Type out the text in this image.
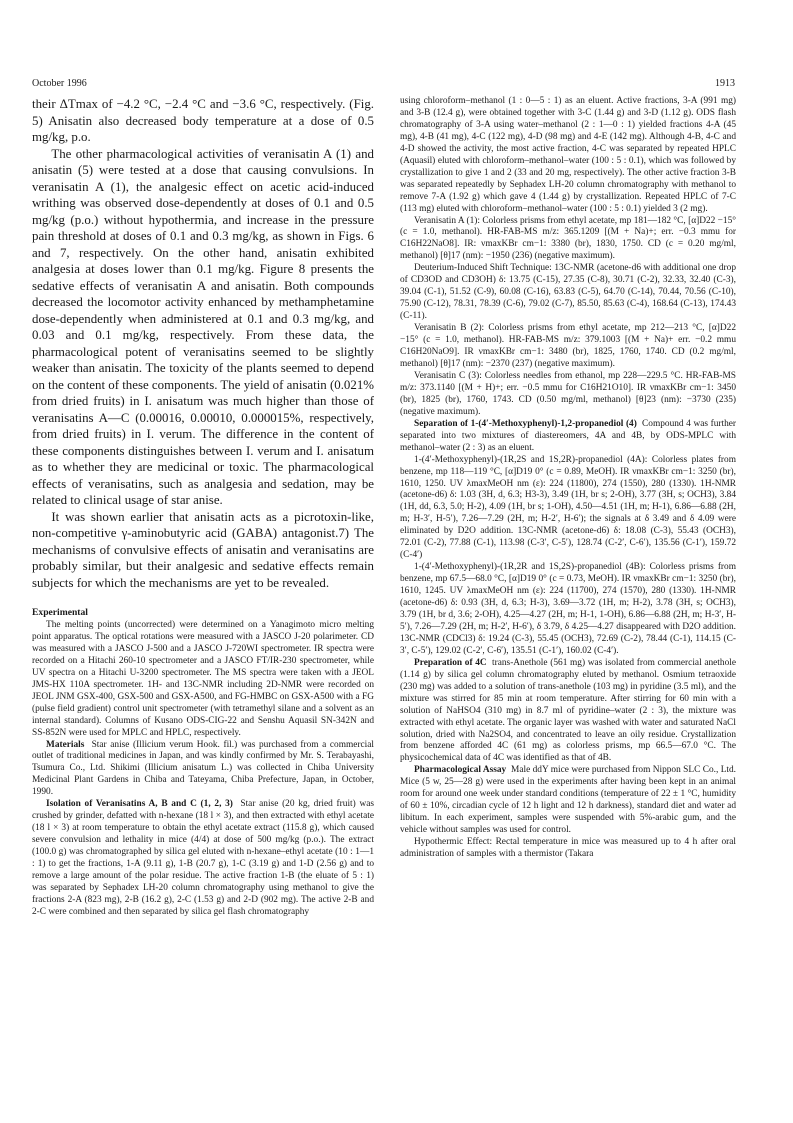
October 1996	1913

their ΔTmax of −4.2 °C, −2.4 °C and −3.6 °C, respectively. (Fig. 5) Anisatin also decreased body temperature at a dose of 0.5 mg/kg, p.o.

The other pharmacological activities of veranisatin A (1) and anisatin (5) were tested at a dose that causing convulsions. In veranisatin A (1), the analgesic effect on acetic acid-induced writhing was observed dose-dependently at doses of 0.1 and 0.5 mg/kg (p.o.) without hypothermia, and increase in the pressure pain threshold at doses of 0.1 and 0.3 mg/kg, as shown in Figs. 6 and 7, respectively. On the other hand, anisatin exhibited analgesia at doses lower than 0.1 mg/kg. Figure 8 presents the sedative effects of veranisatin A and anisatin. Both compounds decreased the locomotor activity enhanced by methamphetamine dose-dependently when administered at 0.1 and 0.3 mg/kg, and 0.03 and 0.1 mg/kg, respectively. From these data, the pharmacological potent of veranisatins seemed to be slightly weaker than anisatin. The toxicity of the plants seemed to depend on the content of these components. The yield of anisatin (0.021% from dried fruits) in I. anisatum was much higher than those of veranisatins A—C (0.00016, 0.00010, 0.000015%, respectively, from dried fruits) in I. verum. The difference in the content of these components distinguishes between I. verum and I. anisatum as to whether they are medicinal or toxic. The pharmacological effects of veranisatins, such as analgesia and sedation, may be related to clinical usage of star anise.

It was shown earlier that anisatin acts as a picrotoxin-like, non-competitive γ-aminobutyric acid (GABA) antagonist.7) The mechanisms of convulsive effects of anisatin and veranisatins are probably similar, but their analgesic and sedative effects remain subjects for which the mechanisms are yet to be revealed.

Experimental

The melting points (uncorrected) were determined on a Yanagimoto micro melting point apparatus. The optical rotations were measured with a JASCO J-20 polarimeter. CD was measured with a JASCO J-500 and a JASCO J-720WI spectrometer. IR spectra were recorded on a Hitachi 260-10 spectrometer and a JASCO FT/IR-230 spectrometer, while UV spectra on a Hitachi U-3200 spectrometer. The MS spectra were taken with a JEOL JMS-HX 110A spectrometer. 1H- and 13C-NMR including 2D-NMR were recorded on JEOL JNM GSX-400, GSX-500 and GSX-A500, and FG-HMBC on GSX-A500 with a FG (pulse field gradient) control unit spectrometer (with tetramethyl silane and a solvent as an internal standard). Columns of Kusano ODS-CIG-22 and Senshu Aquasil SN-342N and SS-852N were used for MPLC and HPLC, respectively.

Materials Star anise (Illicium verum Hook. fil.) was purchased from a commercial outlet of traditional medicines in Japan, and was kindly confirmed by Mr. S. Terabayashi, Tsumura Co., Ltd. Shikimi (Illicium anisatum L.) was collected in Chiba University Medicinal Plant Gardens in Chiba and Tateyama, Chiba Prefecture, Japan, in October, 1990.

Isolation of Veranisatins A, B and C (1, 2, 3) Star anise (20 kg, dried fruit) was crushed by grinder, defatted with n-hexane (18 l × 3), and then extracted with ethyl acetate (18 l × 3) at room temperature to obtain the ethyl acetate extract (115.8 g), which caused severe convulsion and lethality in mice (4/4) at dose of 500 mg/kg (p.o.). The extract (100.0 g) was chromatographed by silica gel eluted with n-hexane–ethyl acetate (10 : 1—1 : 1) to get the fractions, 1-A (9.11 g), 1-B (20.7 g), 1-C (3.19 g) and 1-D (2.56 g) and to remove a large amount of the polar residue. The active fraction 1-B (the eluate of 5 : 1) was separated by Sephadex LH-20 column chromatography using methanol to give the fractions 2-A (823 mg), 2-B (16.2 g), 2-C (1.53 g) and 2-D (902 mg). The active 2-B and 2-C were combined and then separated by silica gel flash chromatography

using chloroform–methanol (1 : 0—5 : 1) as an eluent. Active fractions, 3-A (991 mg) and 3-B (12.4 g), were obtained together with 3-C (1.44 g) and 3-D (1.12 g). ODS flash chromatography of 3-A using water–methanol (2 : 1—0 : 1) yielded fractions 4-A (45 mg), 4-B (41 mg), 4-C (122 mg), 4-D (98 mg) and 4-E (142 mg). Although 4-B, 4-C and 4-D showed the activity, the most active fraction, 4-C was separated by repeated HPLC (Aquasil) eluted with chloroform–methanol–water (100 : 5 : 0.1), which was followed by crystallization to give 1 and 2 (33 and 20 mg, respectively). The other active fraction 3-B was separated repeatedly by Sephadex LH-20 column chromatography with methanol to remove 7-A (1.92 g) which gave 4 (1.44 g) by crystallization. Repeated HPLC of 7-C (113 mg) eluted with chloroform–methanol–water (100 : 5 : 0.1) yielded 3 (2 mg).

Veranisatin A (1): Colorless prisms from ethyl acetate, mp 181—182 °C, [α]D22 −15° (c = 1.0, methanol). HR-FAB-MS m/z: 365.1209 [(M + Na)+; err. −0.3 mmu for C16H22NaO8]. IR: νmaxKBr cm−1: 3380 (br), 1830, 1750. CD (c = 0.20 mg/ml, methanol) [θ]17 (nm): −1950 (236) (negative maximum).

Deuterium-Induced Shift Technique: 13C-NMR (acetone-d6 with additional one drop of CD3OD and CD3OH) δ: 13.75 (C-15), 27.35 (C-8), 30.71 (C-2), 32.33, 32.40 (C-3), 39.04 (C-1), 51.52 (C-9), 60.08 (C-16), 63.83 (C-5), 64.70 (C-14), 70.44, 70.56 (C-10), 75.90 (C-12), 78.31, 78.39 (C-6), 79.02 (C-7), 85.50, 85.63 (C-4), 168.64 (C-13), 174.43 (C-11).

Veranisatin B (2): Colorless prisms from ethyl acetate, mp 212—213 °C, [α]D22 −15° (c = 1.0, methanol). HR-FAB-MS m/z: 379.1003 [(M + Na)+ err. −0.2 mmu C16H20NaO9]. IR νmaxKBr cm−1: 3480 (br), 1825, 1760, 1740. CD (0.2 mg/ml, methanol) [θ]17 (nm): −2370 (237) (negative maximum).

Veranisatin C (3): Colorless needles from ethanol, mp 228—229.5 °C. HR-FAB-MS m/z: 373.1140 [(M + H)+; err. −0.5 mmu for C16H21O10]. IR νmaxKBr cm−1: 3450 (br), 1825 (br), 1760, 1743. CD (0.50 mg/ml, methanol) [θ]23 (nm): −3730 (235) (negative maximum).

Separation of 1-(4′-Methoxyphenyl)-1,2-propanediol (4) Compound 4 was further separated into two mixtures of diastereomers, 4A and 4B, by ODS-MPLC with methanol–water (2 : 3) as an eluent.

1-(4′-Methoxyphenyl)-(1R,2S and 1S,2R)-propanediol (4A): Colorless plates from benzene, mp 118—119 °C, [α]D19 0° (c = 0.89, MeOH). IR νmaxKBr cm−1: 3250 (br), 1610, 1250. UV λmaxMeOH nm (ε): 224 (11800), 274 (1550), 280 (1330). 1H-NMR (acetone-d6) δ: 1.03 (3H, d, 6.3; H3-3), 3.49 (1H, br s; 2-OH), 3.77 (3H, s; OCH3), 3.84 (1H, dd, 6.3, 5.0; H-2), 4.09 (1H, br s; 1-OH), 4.50—4.51 (1H, m; H-1), 6.86—6.88 (2H, m; H-3′, H-5′), 7.26—7.29 (2H, m; H-2′, H-6′); the signals at δ 3.49 and δ 4.09 were eliminated by D2O addition. 13C-NMR (acetone-d6) δ: 18.08 (C-3), 55.43 (OCH3), 72.01 (C-2), 77.88 (C-1), 113.98 (C-3′, C-5′), 128.74 (C-2′, C-6′), 135.56 (C-1′), 159.72 (C-4′)

1-(4′-Methoxyphenyl)-(1R,2R and 1S,2S)-propanediol (4B): Colorless prisms from benzene, mp 67.5—68.0 °C, [α]D19 0° (c = 0.73, MeOH). IR νmaxKBr cm−1: 3250 (br), 1610, 1245. UV λmaxMeOH nm (ε): 224 (11700), 274 (1570), 280 (1330). 1H-NMR (acetone-d6) δ: 0.93 (3H, d, 6.3; H-3), 3.69—3.72 (1H, m; H-2), 3.78 (3H, s; OCH3), 3.79 (1H, br d, 3.6; 2-OH), 4.25—4.27 (2H, m; H-1, 1-OH), 6.86—6.88 (2H, m; H-3′, H-5′), 7.26—7.29 (2H, m; H-2′, H-6′), δ 3.79, δ 4.25—4.27 disappeared with D2O addition. 13C-NMR (CDCl3) δ: 19.24 (C-3), 55.45 (OCH3), 72.69 (C-2), 78.44 (C-1), 114.15 (C-3′, C-5′), 129.02 (C-2′, C-6′), 135.51 (C-1′), 160.02 (C-4′).

Preparation of 4C trans-Anethole (561 mg) was isolated from commercial anethole (1.14 g) by silica gel column chromatography eluted by methanol. Osmium tetraoxide (230 mg) was added to a solution of trans-anethole (103 mg) in pyridine (3.5 ml), and the mixture was stirred for 85 min at room temperature. After stirring for 60 min with a solution of NaHSO4 (310 mg) in 8.7 ml of pyridine–water (2 : 3), the mixture was extracted with ethyl acetate. The organic layer was washed with water and saturated NaCl solution, dried with Na2SO4, and concentrated to leave an oily residue. Crystallization from benzene afforded 4C (61 mg) as colorless prisms, mp 66.5—67.0 °C. The physicochemical data of 4C was identified as that of 4B.

Pharmacological Assay Male ddY mice were purchased from Nippon SLC Co., Ltd. Mice (5 w, 25—28 g) were used in the experiments after having been kept in an animal room for around one week under standard conditions (temperature of 22 ± 1 °C, humidity of 60 ± 10%, circadian cycle of 12 h light and 12 h darkness), standard diet and water ad libitum. In each experiment, samples were suspended with 5%-arabic gum, and the vehicle without samples was used for control.

Hypothermic Effect: Rectal temperature in mice was measured up to 4 h after oral administration of samples with a thermistor (Takara
